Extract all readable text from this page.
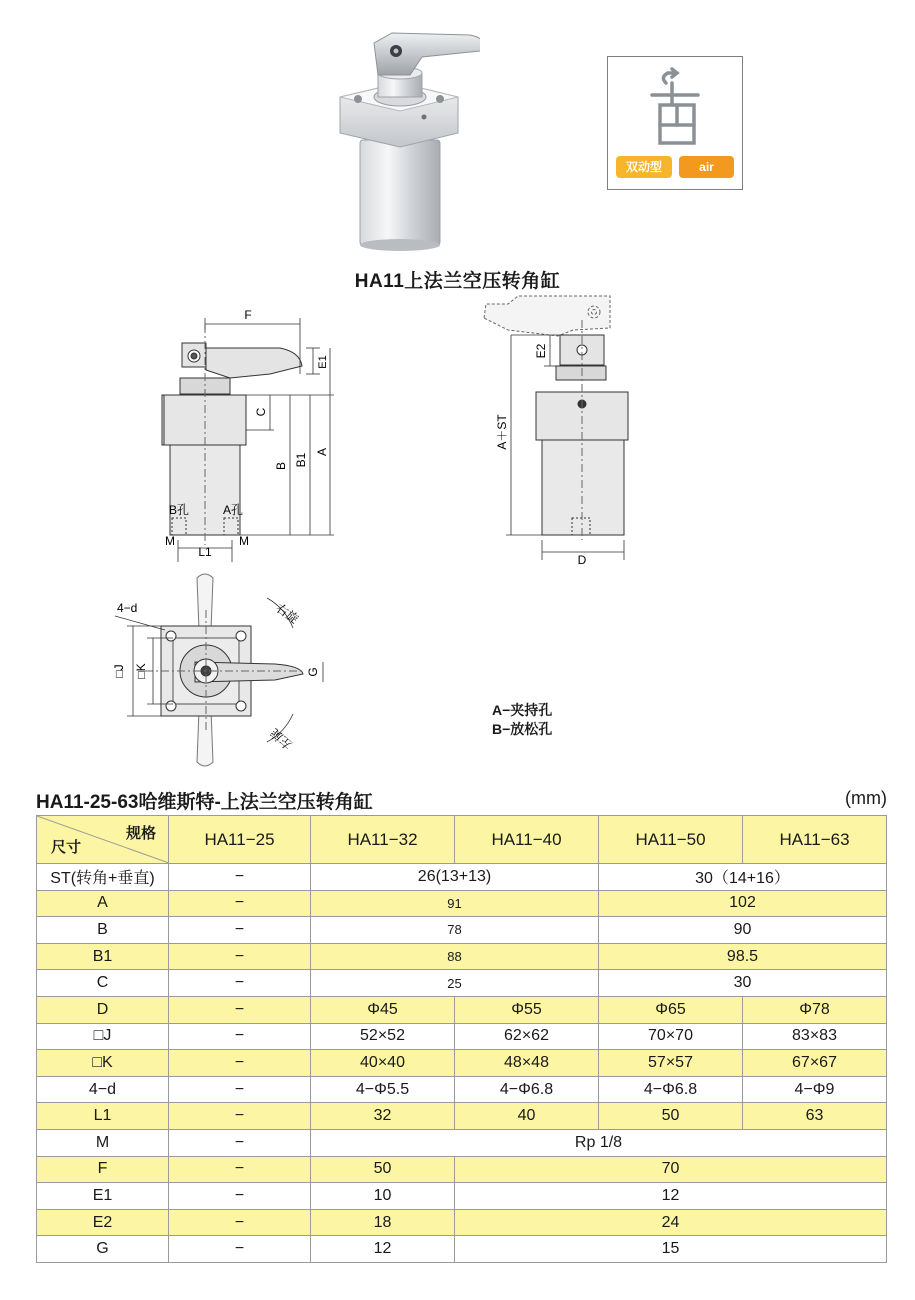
HA11上法兰空压转角缸
双动型	air
F
E1
C
B B1
A
B孔	A孔
M	M
L1
E2
A＋ST
D
4−d	右旋
左旋
□J □K	G
A−夹持孔
B−放松孔
HA11-25-63哈维斯特-上法兰空压转角缸	(mm)
规格
尺寸	HA11−25	HA11−32	HA11−40	HA11−50	HA11−63
ST(转角+垂直)	−	26(13+13)		30（14+16）	
A	−	91		102	
B	−	78		90	
B1	−	88		98.5	
C	−	25		30	
D	−	Φ45	Φ55	Φ65	Φ78
□J	−	52×52	62×62	70×70	83×83
□K	−	40×40	48×48	57×57	67×67
4−d	−	4−Φ5.5	4−Φ6.8	4−Φ6.8	4−Φ9
L1	−	32	40	50	63
M	−	Rp 1/8			
F	−	50	70		
E1	−	10	12		
E2	−	18	24		
G	−	12	15		
